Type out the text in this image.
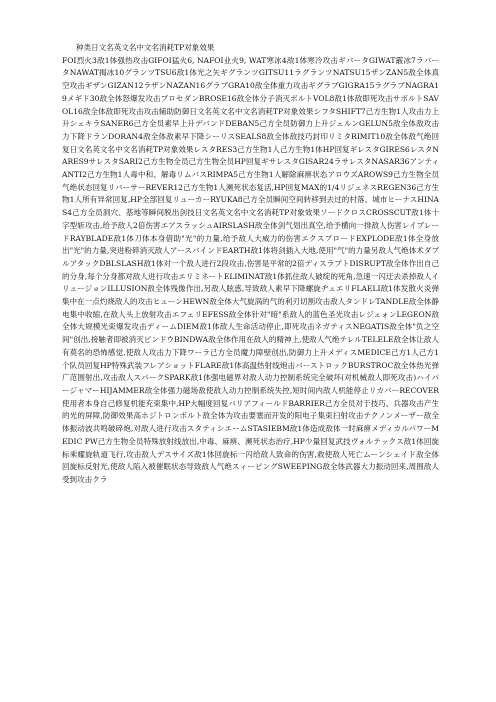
种类日文名英文名中文名消耗TP对象效果

FOI烈火3敌1体强热攻击GIFOI猛火6, NAFOI业火9, WAT寒冰4敌1体寒冷攻击ギバータGIWAT霰冰7ラバータNAWAT揭冰10グランツTSU6敌1体光之矢ギグランツGITSU11ラグランツNATSU15ザンZAN5敌全体真空攻击ギザンGIZAN12ラザンNAZAN16グラブGRA10敌全体重力攻击ギグラブGIGRA15ラグラブNAGRA19メギド30敌全体怒爆发攻击ブロセダンBROSE16敌全体分子消灭ボルトVOL8敌1体敌即死攻击サボルトSAVOL16敌全体敌即死攻击攻击辅助防御日文名英文名中文名消耗TP对象效果シフタSHIFT7己方生物1人攻击力上升シェキラSANER6己方全员素早上升デバンドDEBAN5己方全员防御力上升ジェルンGELUN5敌全体敌攻击力下降ドランDORAN4敌全体敌素早下降シーリスSEALS8敌全体敌技巧封印リミタRIMIT10敌全体敌气绝回复日文名英文名中文名消耗TP对象效果レスタRES3己方生物1人己方生物1体HP回复ギレスタGIRES6レスタNARES9サレスタSARI2己方生物全员己方生物全员HP回复ギサレスタGISAR24ラサレスタNASAR36アンティANTI2己方生物1人毒中和、解毒リムバスRIMPA5己方生物1人解除麻痹状态アロウズAROWS9己方生物全员气绝状态回复リバーサーREVER12己方生物1人濒死状态复活,HP回复MAX的1/4リジェネスREGEN36己方生物1人所有异常回复,HP全部回复リューカーRYUKA8己方全员瞬间空间转移到去过的村落、城市ヒーナスHINAS4己方全员洞穴、基地等瞬间脱出剑技日文名英文名中文名消耗TP对象效果ソードクロスCROSSCUT敌1体十字型斩攻击,给予敌人2倍伤害エアスラッシュAIRSLASH敌全体剑气划出真空,给予横向一排敌人伤害レイブレードRAYBLADE敌1体刀体本身借助"光"的力量,给予敌人大威力的伤害エクスプロードEXPLODE敌1体全身放出"光"的力量,突进粉碎消灭敌人アースバインドEARTH敌1体将剑插入大地,使用"气"的力量另敌人气绝体术ダブルアタックDBLSLASH敌1体对一个敌人进行2段攻击,伤害是平常的2倍ディスラプトDISRUPT敌全体作出自己的分身,每个分身都对敌人进行攻击エリミネートELIMINAT敌1体抓住敌人破绽的死角,急速一闪迂去杀掉敌人イリュージョンILLUSION敌全体残像作出,另敌人眩惑,导致敌人素早下降螺旋ヂュエリFLAELI敌1体发散火炎弹集中在一点灼烧敌人的攻击ヒューンHEWN敌全体大气旋涡的气的利刃切割攻击敌人タンドレTANDLE敌全体静电集中收缩,在敌人头上放射攻击エフェリEFESS敌全体针对"暗"系敌人的蓝色圣光攻击レジェォンLEGEON敌全体大规模光束爆发攻击ディームDIEM敌1体敌人生命活动停止,即死攻击ネガティスNEGATIS敌全体"负之空间"创出,接触者即被消灭ビンドウBINDWA敌全体作用在敌人的精神上,使敌人气绝テレルTELELE敌全体让敌人有莫名的恐怖感觉,使敌人攻击力下降ワーラ己方全员魔力障壁创出,防御力上升メディスMEDICE己方1人己方1个队员回复HP特殊武装フレアショットFLARE敌1体高温热射线炮击バーストロックBURSTROC敌全体热光弹广范围射出,攻击敌人スパークSPARK敌1体强电磁界对敌人动力控制系统完全破坏(对机械敌人即死攻击)ハイパージャマーHIJAMMER敌全体强力磁场敌使敌人动力控制系统失控,短时间内敌人机能停止リカバーRECOVER使用者本身自己修复机能充束集中,HP大幅度回复バリアフィールドBARRIER己方全员对于技巧、兵器攻击产生的光的屏障,防御效果高ホジトロンボルト敌全体为攻击要塞而开发的阳电子集束扫射攻击テクノンメーザー敌全体振动波共鸣破碎炮,对敌人进行攻击スタティシエームSTASIEBM敌1体造成敌体一时麻痹メディカルパワーMEDIC PW己方生物全员特殊放射线放出,中毒、麻痹、濒死状态治疗,HP少量回复武技ヴォルテックス敌1体回旋标乘耀旋轨道飞行,攻击敌人デスサイズ敌1体回旋标一闪给敌人致命的伤害,救使敌人死亡ムーンシェイド敌全体回旋标反射光,使敌人陷入被催眠状态导致敌人气绝スィーピングSWEEPING敌全体武器大力振动回来,周围敌人受到攻击クラ
